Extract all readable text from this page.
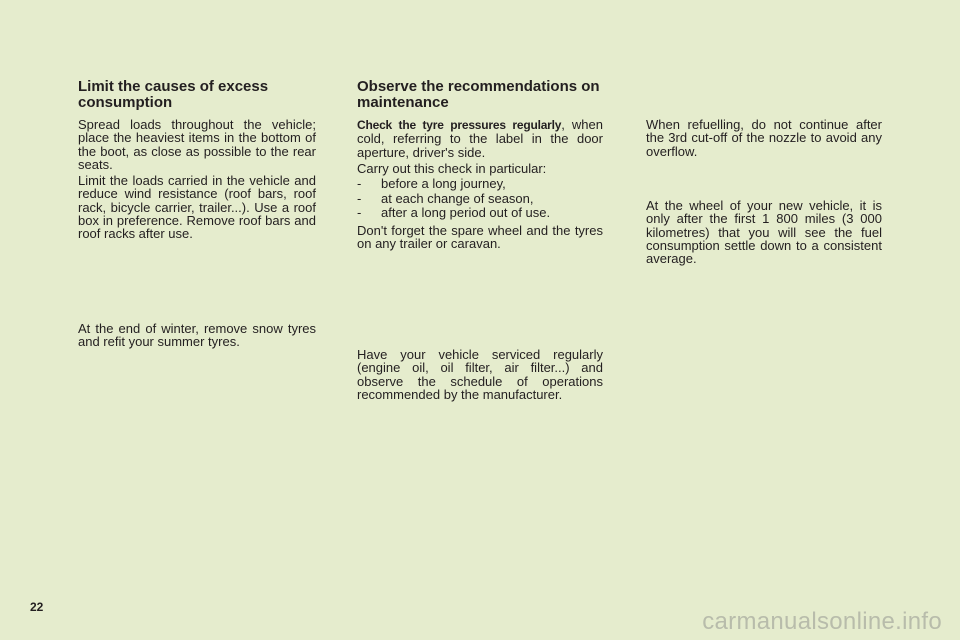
Limit the causes of excess consumption

Spread loads throughout the vehicle; place the heaviest items in the bottom of the boot, as close as possible to the rear seats.

Limit the loads carried in the vehicle and reduce wind resistance (roof bars, roof rack, bicycle carrier, trailer...). Use a roof box in preference. Remove roof bars and roof racks after use.

At the end of winter, remove snow tyres and refit your summer tyres.

Observe the recommendations on maintenance

Check the tyre pressures regularly, when cold, referring to the label in the door aperture, driver's side.

Carry out this check in particular:

- before a long journey,
- at each change of season,
- after a long period out of use.

Don't forget the spare wheel and the tyres on any trailer or caravan.

Have your vehicle serviced regularly (engine oil, oil filter, air filter...) and observe the schedule of operations recommended by the manufacturer.

When refuelling, do not continue after the 3rd cut-off of the nozzle to avoid any overflow.

At the wheel of your new vehicle, it is only after the first 1 800 miles (3 000 kilometres) that you will see the fuel consumption settle down to a consistent average.

22
carmanualsonline.info
